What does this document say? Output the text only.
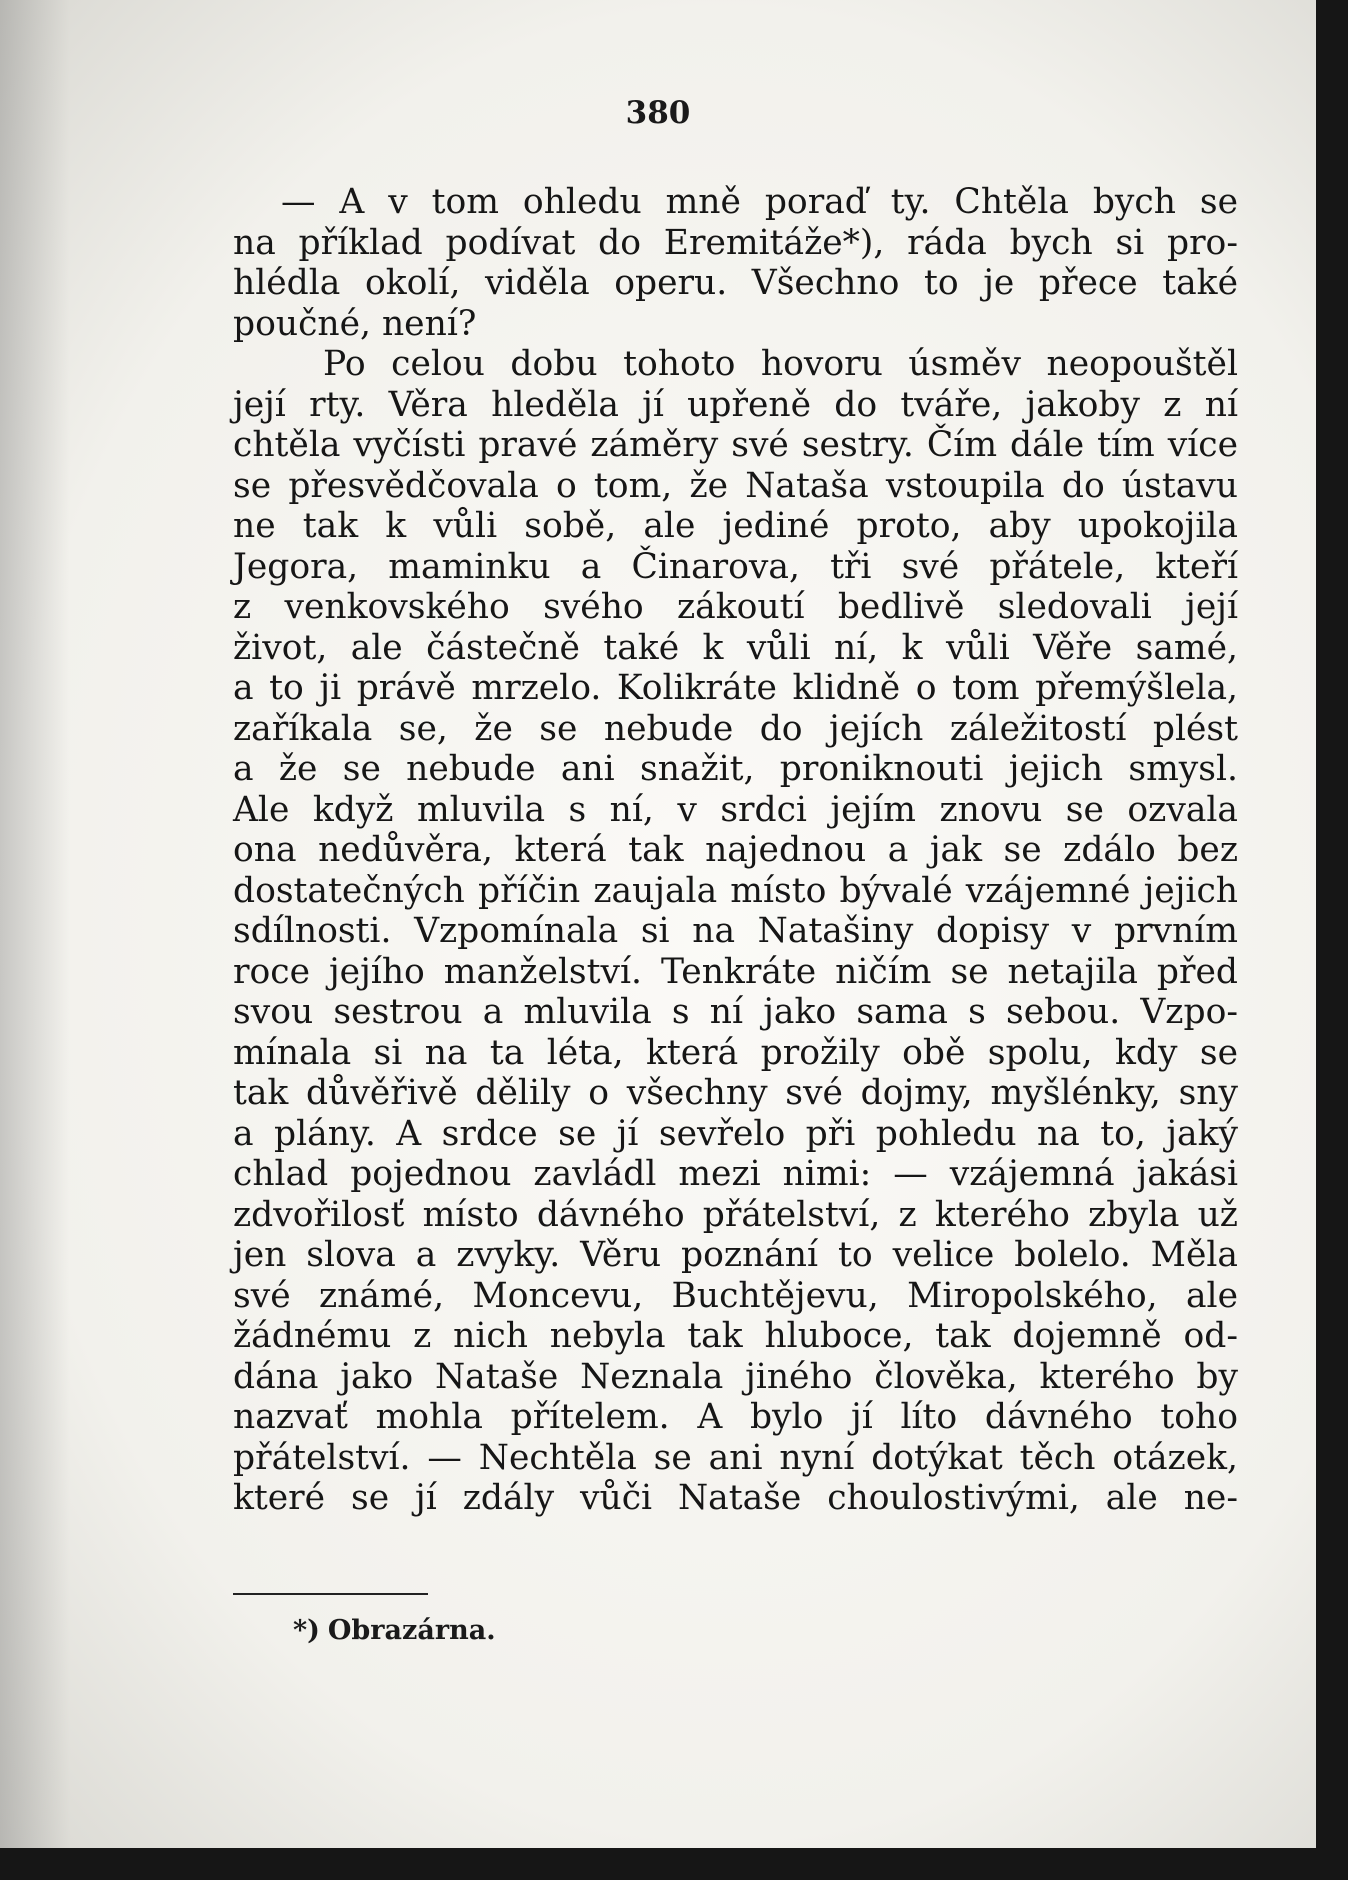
380
— A v tom ohledu mně poraď ty. Chtěla bych se
na příklad podívat do Eremitáže*), ráda bych si pro-
hlédla okolí, viděla operu. Všechno to je přece také
poučné, není?
Po celou dobu tohoto hovoru úsměv neopouštěl
její rty. Věra hleděla jí upřeně do tváře, jakoby z ní
chtěla vyčísti pravé záměry své sestry. Čím dále tím více
se přesvědčovala o tom, že Nataša vstoupila do ústavu
ne tak k vůli sobě, ale jediné proto, aby upokojila
Jegora, maminku a Činarova, tři své přátele, kteří
z venkovského svého zákoutí bedlivě sledovali její
život, ale částečně také k vůli ní, k vůli Věře samé,
a to ji právě mrzelo. Kolikráte klidně o tom přemýšlela,
zaříkala se, že se nebude do jejích záležitostí plést
a že se nebude ani snažit, proniknouti jejich smysl.
Ale když mluvila s ní, v srdci jejím znovu se ozvala
ona nedůvěra, která tak najednou a jak se zdálo bez
dostatečných příčin zaujala místo bývalé vzájemné jejich
sdílnosti. Vzpomínala si na Natašiny dopisy v prvním
roce jejího manželství. Tenkráte ničím se netajila před
svou sestrou a mluvila s ní jako sama s sebou. Vzpo-
mínala si na ta léta, která prožily obě spolu, kdy se
tak důvěřivě dělily o všechny své dojmy, myšlénky, sny
a plány. A srdce se jí sevřelo při pohledu na to, jaký
chlad pojednou zavládl mezi nimi: — vzájemná jakási
zdvořilosť místo dávného přátelství, z kterého zbyla už
jen slova a zvyky. Věru poznání to velice bolelo. Měla
své známé, Moncevu, Buchtějevu, Miropolského, ale
žádnému z nich nebyla tak hluboce, tak dojemně od-
dána jako Nataše Neznala jiného člověka, kterého by
nazvať mohla přítelem. A bylo jí líto dávného toho
přátelství. — Nechtěla se ani nyní dotýkat těch otázek,
které se jí zdály vůči Nataše choulostivými, ale ne-
*) Obrazárna.
